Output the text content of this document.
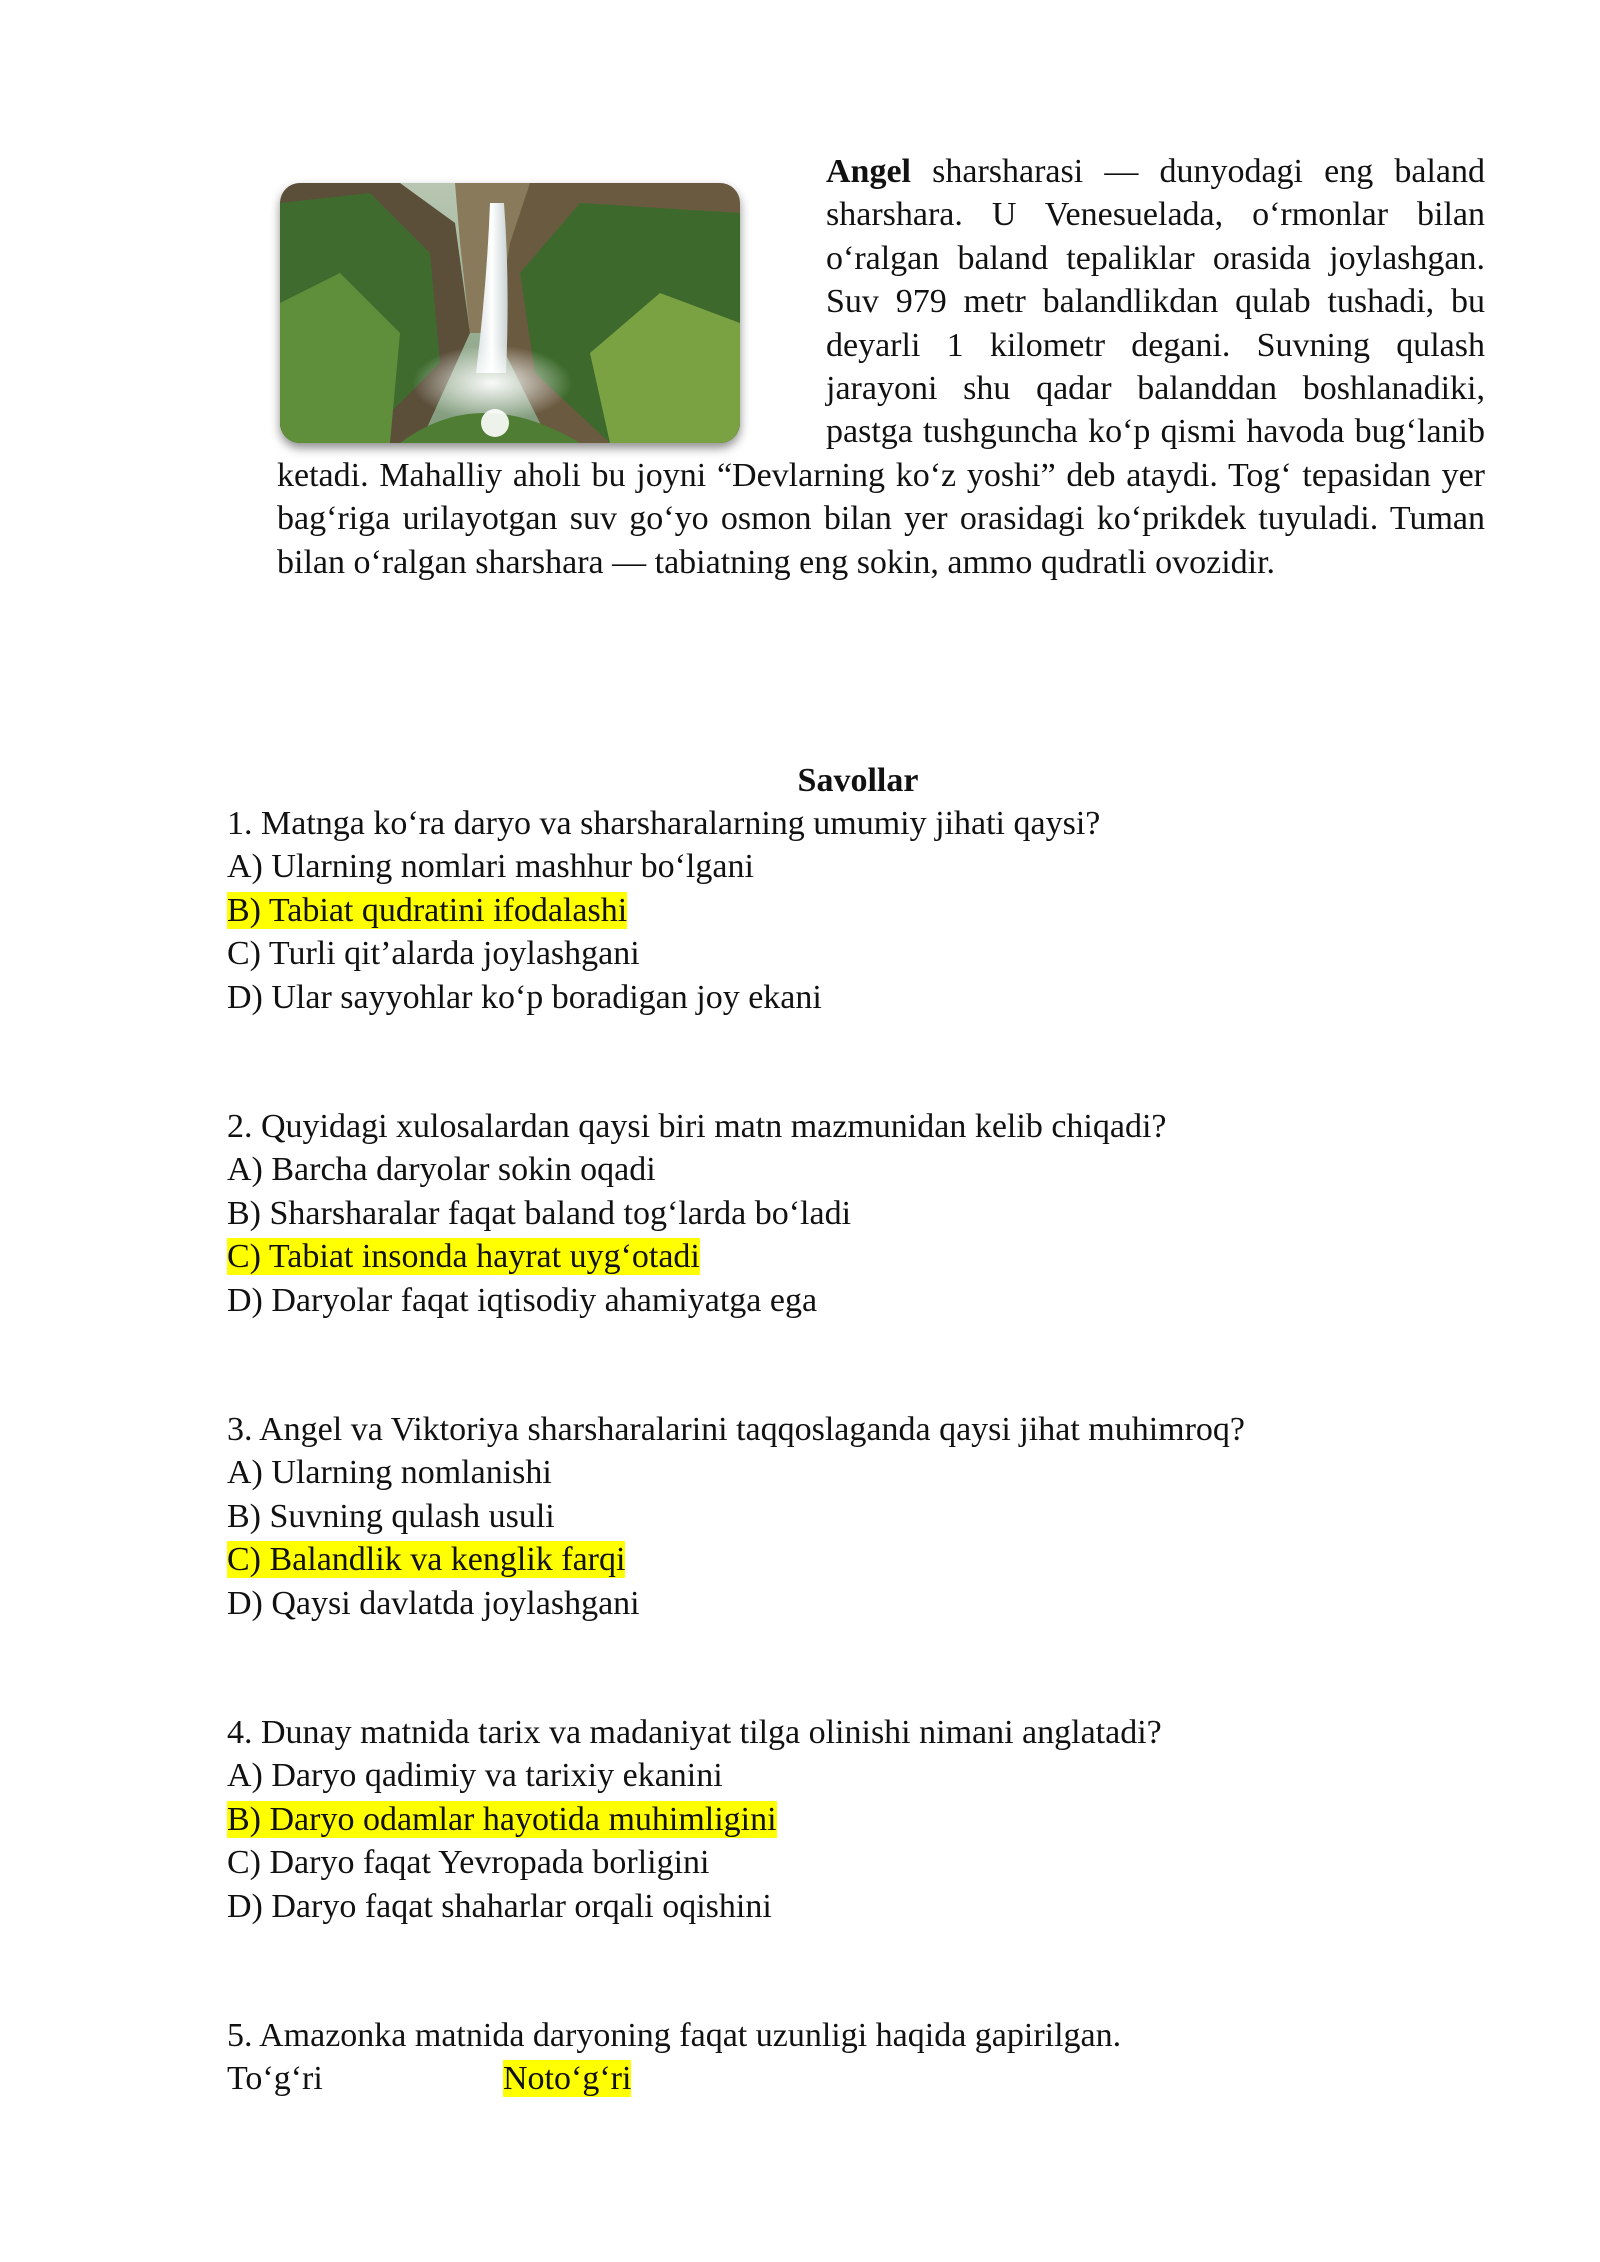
Angel sharsharasi — dunyodagi eng baland sharshara. U Venesuelada, o‘rmonlar bilan o‘ralgan baland tepaliklar orasida joylashgan. Suv 979 metr balandlikdan qulab tushadi, bu deyarli 1 kilometr degani. Suvning qulash jarayoni shu qadar balanddan boshlanadiki, pastga tushguncha ko‘p qismi havoda bug‘lanib ketadi. Mahalliy aholi bu joyni “Devlarning ko‘z yoshi” deb ataydi. Tog‘ tepasidan yer bag‘riga urilayotgan suv go‘yo osmon bilan yer orasidagi ko‘prikdek tuyuladi. Tuman bilan o‘ralgan sharshara — tabiatning eng sokin, ammo qudratli ovozidir.

Savollar
1. Matnga ko‘ra daryo va sharsharalarning umumiy jihati qaysi?
A) Ularning nomlari mashhur bo‘lgani
B) Tabiat qudratini ifodalashi
C) Turli qit’alarda joylashgani
D) Ular sayyohlar ko‘p boradigan joy ekani
2. Quyidagi xulosalardan qaysi biri matn mazmunidan kelib chiqadi?
A) Barcha daryolar sokin oqadi
B) Sharsharalar faqat baland tog‘larda bo‘ladi
C) Tabiat insonda hayrat uyg‘otadi
D) Daryolar faqat iqtisodiy ahamiyatga ega
3. Angel va Viktoriya sharsharalarini taqqoslaganda qaysi jihat muhimroq?
A) Ularning nomlanishi
B) Suvning qulash usuli
C) Balandlik va kenglik farqi
D) Qaysi davlatda joylashgani
4. Dunay matnida tarix va madaniyat tilga olinishi nimani anglatadi?
A) Daryo qadimiy va tarixiy ekanini
B) Daryo odamlar hayotida muhimligini
C) Daryo faqat Yevropada borligini
D) Daryo faqat shaharlar orqali oqishini
5. Amazonka matnida daryoning faqat uzunligi haqida gapirilgan.
To‘g‘ri	Noto‘g‘ri
